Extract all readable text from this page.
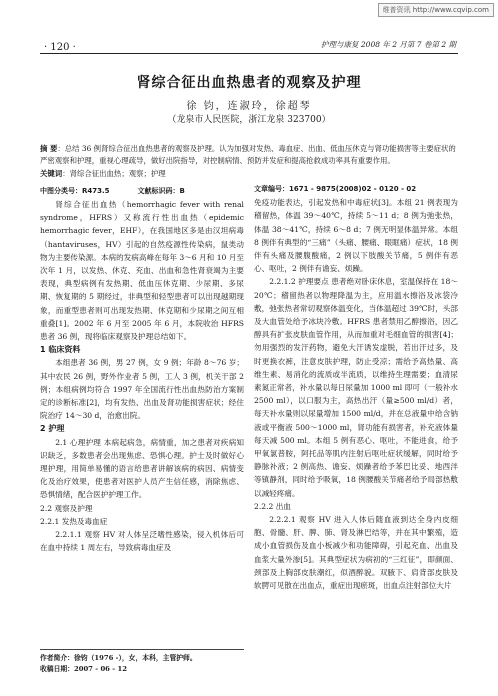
维普资讯 http://www.cqvip.com
· 120 ·	护理与康复 2008 年 2 月第 7 卷第 2 期
肾综合征出血热患者的观察及护理
徐 钧，连淑玲，徐超琴
（龙泉市人民医院，浙江龙泉 323700）
摘 要：总结 36 例肾综合征出血热患者的观察及护理。认为加强对发热、毒血症、出血、低血压休克与肾功能损害等主要症状的严密观察和护理，重视心理疏导，做好出院指导，对控制病情、预防并发症和提高抢救成功率具有重要作用。
关键词：肾综合征出血热；观察；护理
中图分类号：R473.5	文献标识码：B

肾综合征出血热（hemorrhagic fever with renal syndrome，HFRS）又称流行性出血热（epidemic hemorrhagic fever，EHF），在我国地区多是由汉坦病毒（hantaviruses，HV）引起的自然疫源性传染病，鼠类动物为主要传染源。本病的发病高峰在每年 3～6 月和 10 月至次年 1 月，以发热、休克、充血、出血和急性肾衰竭为主要表现，典型病例有发热期、低血压休克期、少尿期、多尿期、恢复期的 5 期经过，非典型和轻型患者可以出现越期现象，而重型患者则可出现发热期、休克期和少尿期之间互相重叠[1]。2002 年 6 月至 2005 年 6 月，本院收治 HFRS 患者 36 例，现将临床观察及护理总结如下。

1 临床资料

本组患者 36 例，男 27 例，女 9 例；年龄 8～76 岁；其中农民 26 例，野外作业者 5 例，工人 3 例，机关干部 2 例；本组病例均符合 1997 年全国流行性出血热防治方案制定的诊断标准[2]，均有发热、出血及肾功能损害症状；经住院治疗 14～30 d，治愈出院。

2 护理

2.1 心理护理 本病起病急，病情重，加之患者对疾病知识缺乏，多数患者会出现焦虑、恐惧心理。护士及时做好心理护理，用简单易懂的语言给患者讲解该病的病因、病情变化及治疗效果，使患者对医护人员产生信任感，消除焦虑、恐惧情绪，配合医护护理工作。

2.2 观察及护理
2.2.1 发热及毒血症

2.2.1.1 观察 HV 对人体呈泛嗜性感染，侵入机体后可在血中持续 1 周左右，导致病毒血症及

文章编号：1671 - 9875(2008)02 - 0120 - 02

免疫功能表达，引起发热和中毒症状[3]。本组 21 例表现为稽留热，体温 39～40℃，持续 5～11 d；8 例为弛张热，体温 38～41℃，持续 6～8 d；7 例无明显体温异常。本组 8 例伴有典型的“三痛”（头痛、腰痛、眼眶痛）症状，18 例伴有头痛及腰腹酸痛，2 例以下肢酸关节痛，5 例伴有恶心、呕吐，2 例伴有谵妄、烦躁。

2.2.1.2 护理要点 患者绝对卧床休息，室温保持在 18～20℃；稽留热者以物理降温为主，应用温水擦浴及冰袋冷敷，弛张热者常切观察体温变化，当体温超过 39℃时，头部及大血管处给予冰块冷敷。HFRS 患者禁用乙醇擦浴，因乙醇具有扩张皮肤血管作用，从而加重对毛细血管的损害[4]；勿用强烈的发汗药物，避免大汗诱发虚脱，若出汗过多，及时更换衣裤，注意皮肤护理，防止受凉；需给予高热量、高维生素、易消化的流质或半流质，以维持生理需要；血清尿素氮正常者，补水量以每日尿量加 1000 ml 即可（一般补水 2500 ml），以口服为主，高热出汗（量≥500 ml/d）者，每天补水量则以尿量增加 1500 ml/d，并在总液量中给含钠液或平衡液 500～1000 ml，肾功能有损害者，补充液体量每天减 500 ml。本组 5 例有恶心、呕吐，不能进食，给予甲氧氯普胺，阿托品等肌内注射后呕吐症状缓解，同时给予静脉补液；2 例高热、谵妄、烦躁者给予苯巴比妥、地西泮等镇静剂，同时给予吸氧，18 例腰酸关节痛者给予局部热敷以减轻疼痛。

2.2.2 出血

2.2.2.1 观察 HV 进入人体后随血液到达全身内皮细胞、骨髓、肝、脾、肺、肾及淋巴结等，并在其中繁殖，造成小血管损伤及血小板减少和功能障碍，引起充血、出血及血浆大量外渗[5]。其典型症状为病初的“三红征”，即颜面、颈部及上胸部皮肤潮红，似酒醉貌。双腋下、肩背部皮肤及软腭可见散在出血点，重症出现瘀斑，出血点注射部位大片

作者简介：徐钧（1976 -），女，本科，主管护师。
收稿日期：2007 - 06 - 12
